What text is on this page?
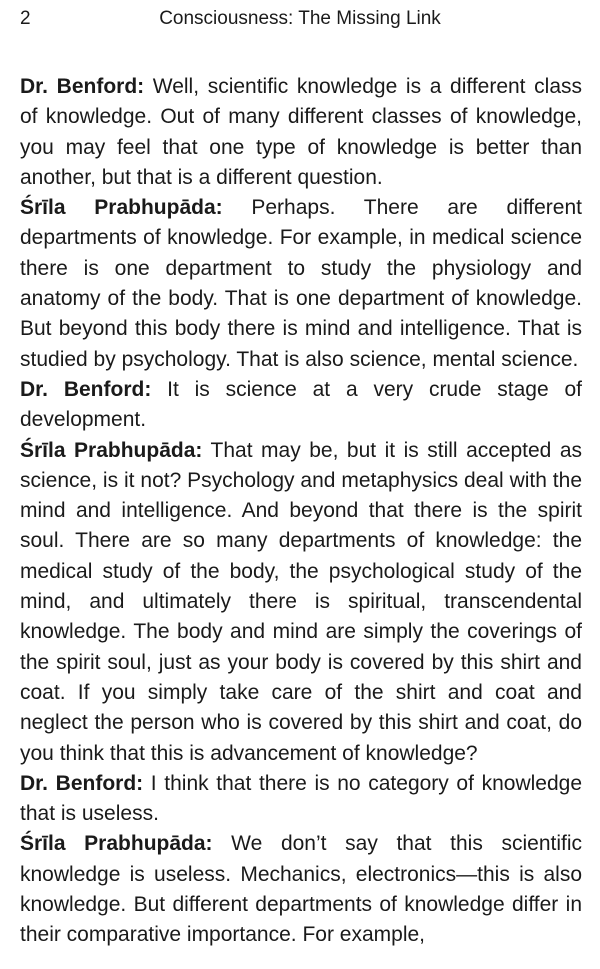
2	Consciousness: The Missing Link

Dr. Benford: Well, scientific knowledge is a different class of knowledge. Out of many different classes of knowledge, you may feel that one type of knowledge is better than another, but that is a different question.

Śrīla Prabhupāda: Perhaps. There are different departments of knowledge. For example, in medical science there is one department to study the physiology and anatomy of the body. That is one department of knowledge. But beyond this body there is mind and intelligence. That is studied by psychology. That is also science, mental science.

Dr. Benford: It is science at a very crude stage of development.

Śrīla Prabhupāda: That may be, but it is still accepted as science, is it not? Psychology and metaphysics deal with the mind and intelligence. And beyond that there is the spirit soul. There are so many departments of knowledge: the medical study of the body, the psychological study of the mind, and ultimately there is spiritual, transcendental knowledge. The body and mind are simply the coverings of the spirit soul, just as your body is covered by this shirt and coat. If you simply take care of the shirt and coat and neglect the person who is covered by this shirt and coat, do you think that this is advancement of knowledge?

Dr. Benford: I think that there is no category of knowledge that is useless.

Śrīla Prabhupāda: We don’t say that this scientific knowledge is useless. Mechanics, electronics—this is also knowledge. But different departments of knowledge differ in their comparative importance. For example,
